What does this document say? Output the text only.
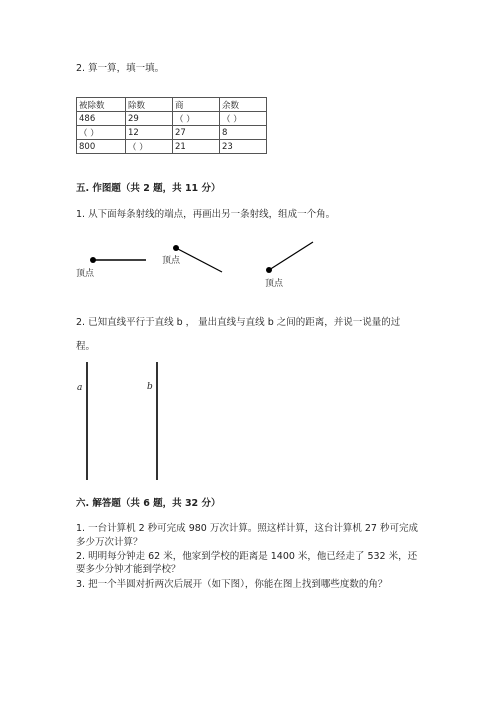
2. 算一算，填一填。
被除数	除数	商	余数
486	29	（ ）	（ ）
（ ）	12	27	8
800	（ ）	21	23
五. 作图题（共 2 题，共 11 分）
1. 从下面每条射线的端点，再画出另一条射线，组成一个角。
顶点
顶点
顶点
2. 已知直线平行于直线 b ， 量出直线与直线 b 之间的距离，并说一说量的过
程。
a	b
六. 解答题（共 6 题，共 32 分）
1. 一台计算机 2 秒可完成 980 万次计算。照这样计算，这台计算机 27 秒可完成
多少万次计算？
2. 明明每分钟走 62 米，他家到学校的距离是 1400 米，他已经走了 532 米，还
要多少分钟才能到学校？
3. 把一个半圆对折两次后展开（如下图），你能在图上找到哪些度数的角？
